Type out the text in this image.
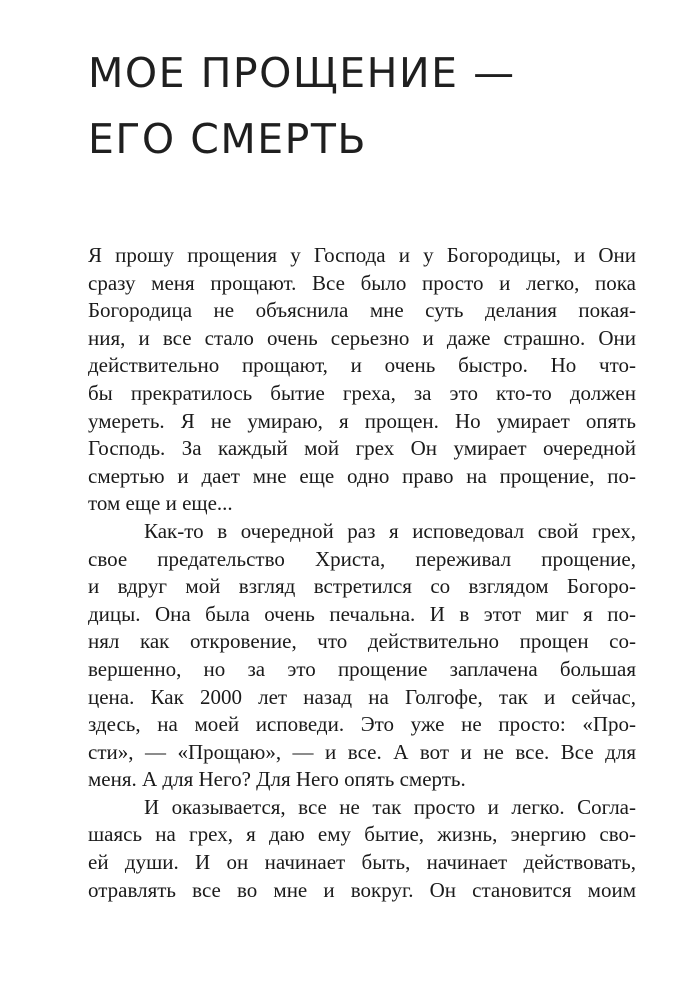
МОЕ ПРОЩЕНИЕ —
ЕГО СМЕРТЬ

Я прошу прощения у Господа и у Богородицы, и Они
сразу меня прощают. Все было просто и легко, пока
Богородица не объяснила мне суть делания покая-
ния, и все стало очень серьезно и даже страшно. Они
действительно прощают, и очень быстро. Но что-
бы прекратилось бытие греха, за это кто-то должен
умереть. Я не умираю, я прощен. Но умирает опять
Господь. За каждый мой грех Он умирает очередной
смертью и дает мне еще одно право на прощение, по-
том еще и еще...

Как-то в очередной раз я исповедовал свой грех,
свое предательство Христа, переживал прощение,
и вдруг мой взгляд встретился со взглядом Богоро-
дицы. Она была очень печальна. И в этот миг я по-
нял как откровение, что действительно прощен со-
вершенно, но за это прощение заплачена большая
цена. Как 2000 лет назад на Голгофе, так и сейчас,
здесь, на моей исповеди. Это уже не просто: «Про-
сти», — «Прощаю», — и все. А вот и не все. Все для
меня. А для Него? Для Него опять смерть.

И оказывается, все не так просто и легко. Согла-
шаясь на грех, я даю ему бытие, жизнь, энергию сво-
ей души. И он начинает быть, начинает действовать,
отравлять все во мне и вокруг. Он становится моим
